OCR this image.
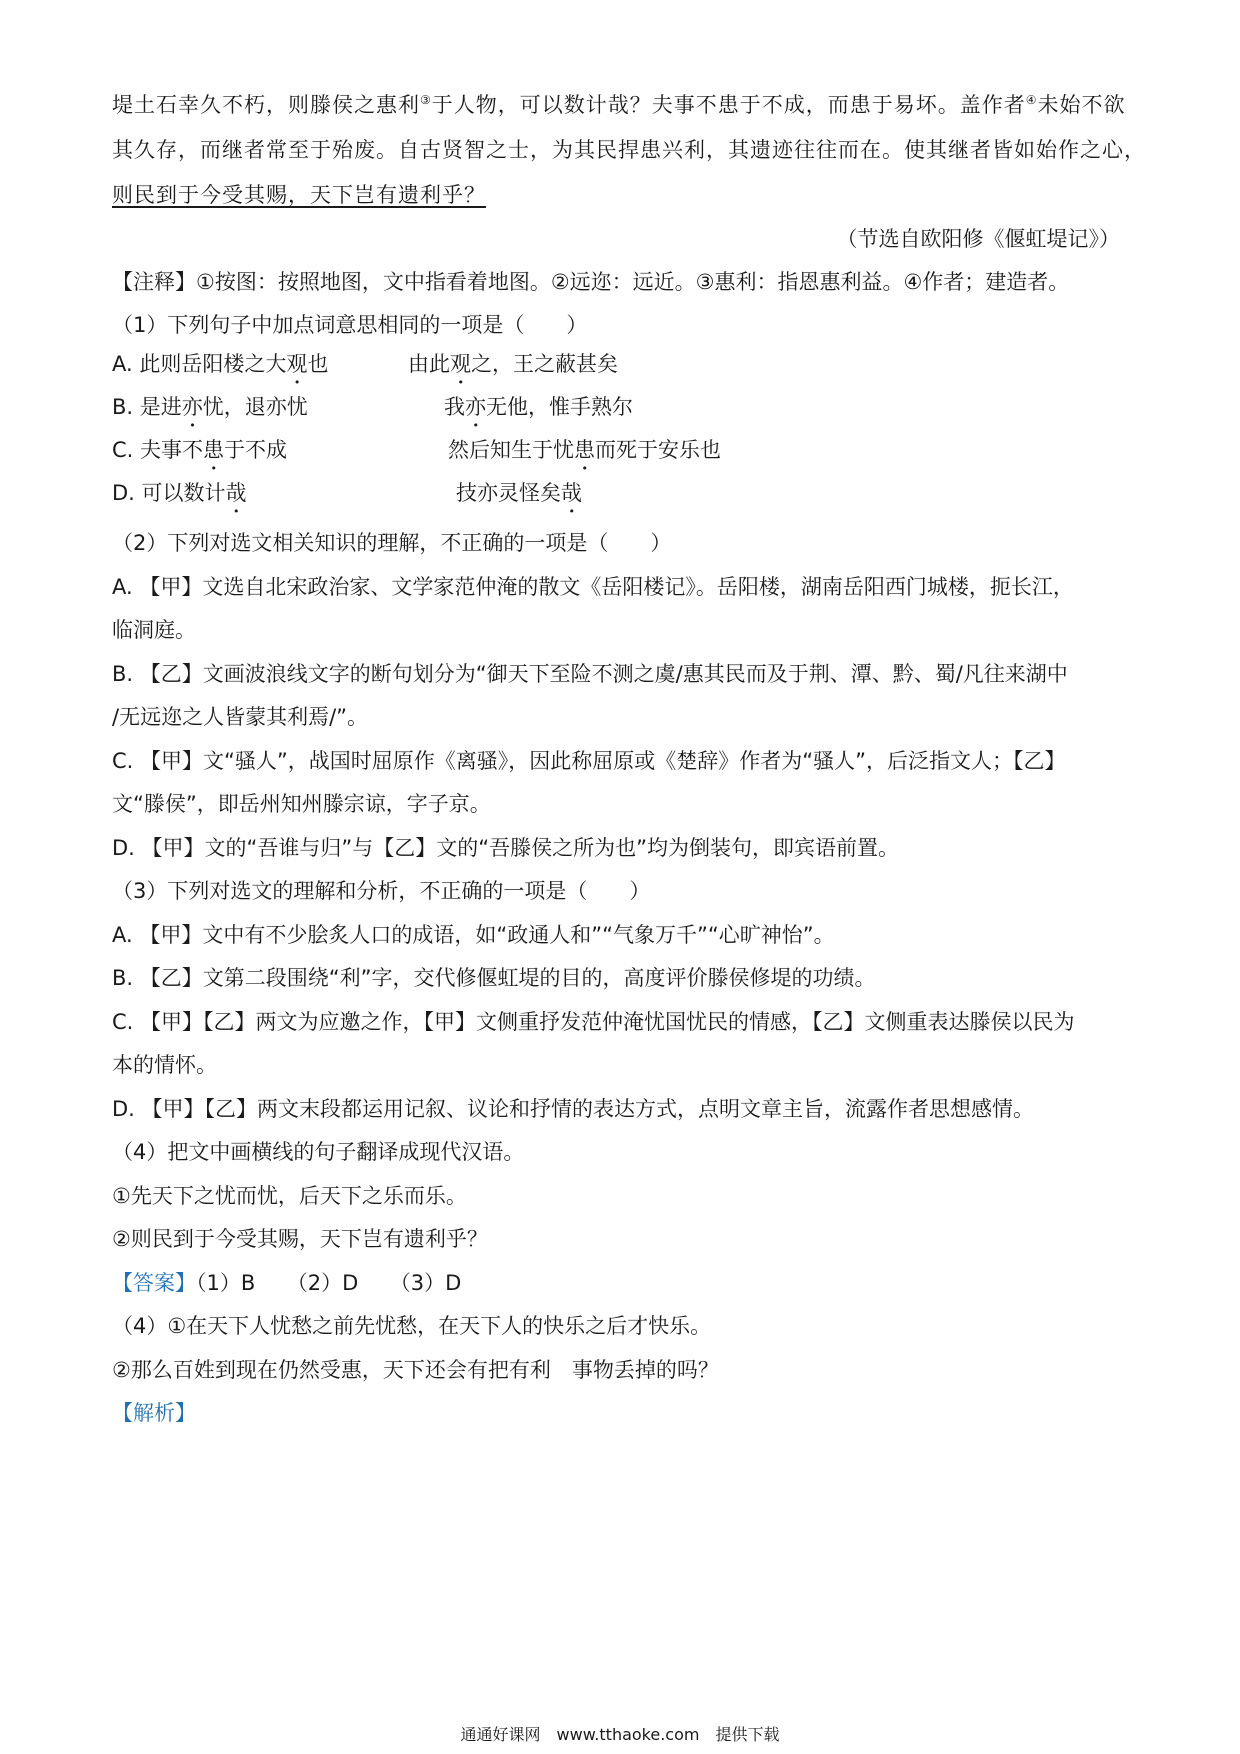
堤土石幸久不朽，则滕侯之惠利③于人物，可以数计哉？夫事不患于不成，而患于易坏。盖作者④未始不欲
其久存，而继者常至于殆废。自古贤智之士，为其民捍患兴利，其遗迹往往而在。使其继者皆如始作之心，
则民到于今受其赐，天下岂有遗利乎？
（节选自欧阳修《偃虹堤记》）
【注释】①按图：按照地图，文中指看着地图。②远迩：远近。③惠利：指恩惠利益。④作者；建造者。
（1）下列句子中加点词意思相同的一项是（　　）
A. 此则岳阳楼之大观也	由此观之，王之蔽甚矣
B. 是进亦忧，退亦忧	我亦无他，惟手熟尔
C. 夫事不患于不成	然后知生于忧患而死于安乐也
D. 可以数计哉	技亦灵怪矣哉
（2）下列对选文相关知识的理解，不正确的一项是（　　）
A. 【甲】文选自北宋政治家、文学家范仲淹的散文《岳阳楼记》。岳阳楼，湖南岳阳西门城楼，扼长江，
临洞庭。
B. 【乙】文画波浪线文字的断句划分为“御天下至险不测之虞/惠其民而及于荆、潭、黔、蜀/凡往来湖中
/无远迩之人皆蒙其利焉/”。
C. 【甲】文“骚人”，战国时屈原作《离骚》，因此称屈原或《楚辞》作者为“骚人”，后泛指文人；【乙】
文“滕侯”，即岳州知州滕宗谅，字子京。
D. 【甲】文的“吾谁与归”与【乙】文的“吾滕侯之所为也”均为倒装句，即宾语前置。
（3）下列对选文的理解和分析，不正确的一项是（　　）
A. 【甲】文中有不少脍炙人口的成语，如“政通人和”“气象万千”“心旷神怡”。
B. 【乙】文第二段围绕“利”字，交代修偃虹堤的目的，高度评价滕侯修堤的功绩。
C. 【甲】【乙】两文为应邀之作，【甲】文侧重抒发范仲淹忧国忧民的情感，【乙】文侧重表达滕侯以民为
本的情怀。
D. 【甲】【乙】两文末段都运用记叙、议论和抒情的表达方式，点明文章主旨，流露作者思想感情。
（4）把文中画横线的句子翻译成现代汉语。
①先天下之忧而忧，后天下之乐而乐。
②则民到于今受其赐，天下岂有遗利乎？
【答案】（1）B　　（2）D　　（3）D
（4）①在天下人忧愁之前先忧愁，在天下人的快乐之后才快乐。
②那么百姓到现在仍然受惠，天下还会有把有利　事物丢掉的吗？
【解析】
通通好课网　www.tthaoke.com　提供下载
